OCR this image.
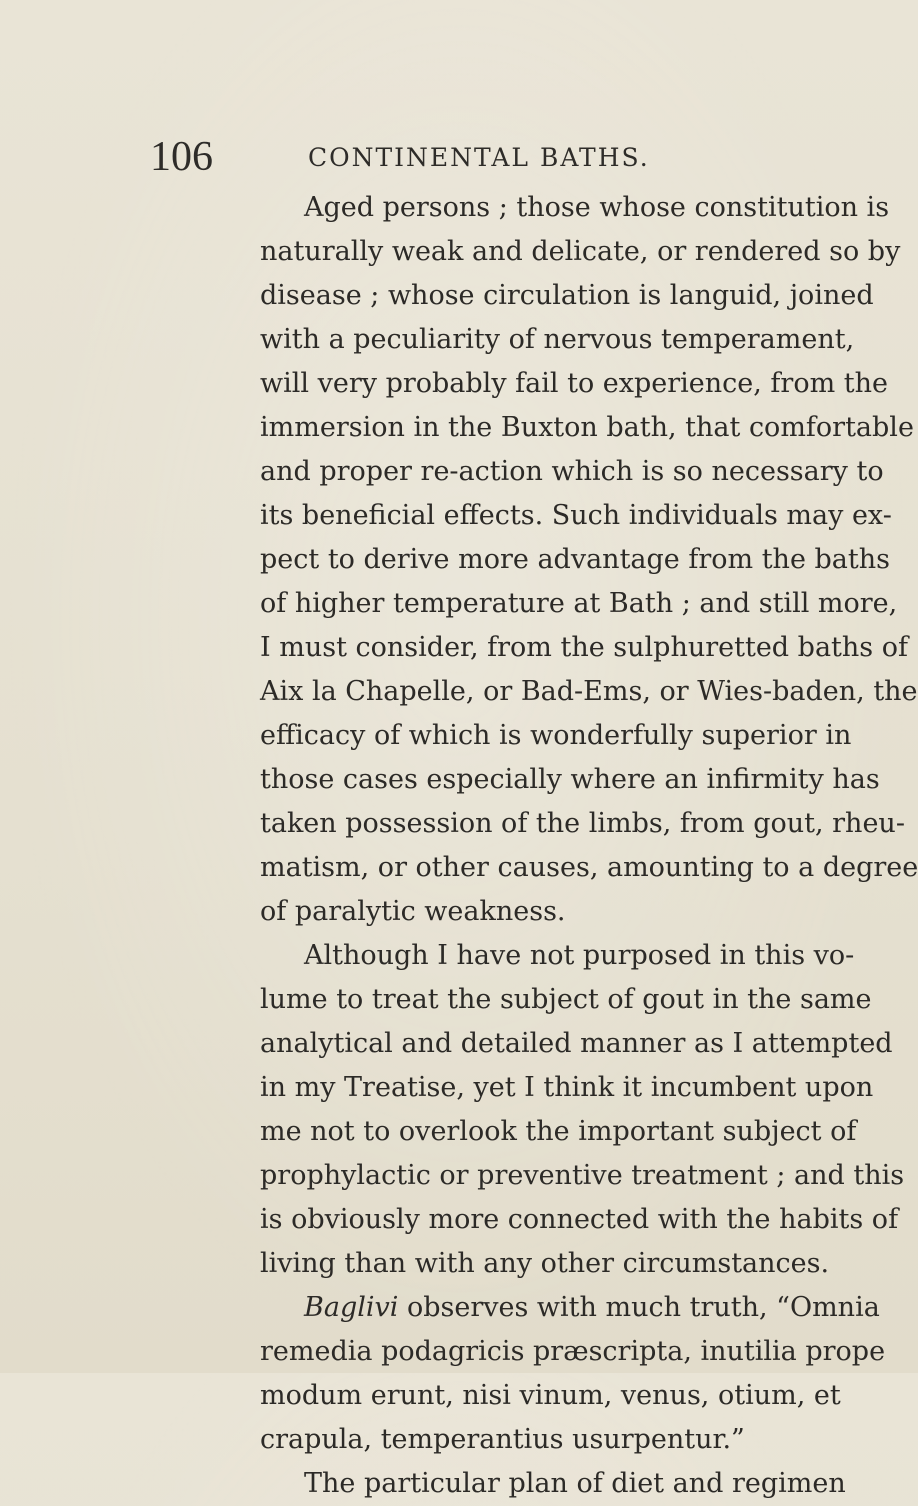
106	CONTINENTAL BATHS.
Aged persons ; those whose constitution is
naturally weak and delicate, or rendered so by
disease ; whose circulation is languid, joined
with a peculiarity of nervous temperament,
will very probably fail to experience, from the
immersion in the Buxton bath, that comfortable
and proper re-action which is so necessary to
its beneficial effects. Such individuals may ex-
pect to derive more advantage from the baths
of higher temperature at Bath ; and still more,
I must consider, from the sulphuretted baths of
Aix la Chapelle, or Bad-Ems, or Wies-baden, the
efficacy of which is wonderfully superior in
those cases especially where an infirmity has
taken possession of the limbs, from gout, rheu-
matism, or other causes, amounting to a degree
of paralytic weakness.
Although I have not purposed in this vo-
lume to treat the subject of gout in the same
analytical and detailed manner as I attempted
in my Treatise, yet I think it incumbent upon
me not to overlook the important subject of
prophylactic or preventive treatment ; and this
is obviously more connected with the habits of
living than with any other circumstances.
Baglivi observes with much truth, “Omnia
remedia podagricis præscripta, inutilia prope
modum erunt, nisi vinum, venus, otium, et
crapula, temperantius usurpentur.”
The particular plan of diet and regimen
